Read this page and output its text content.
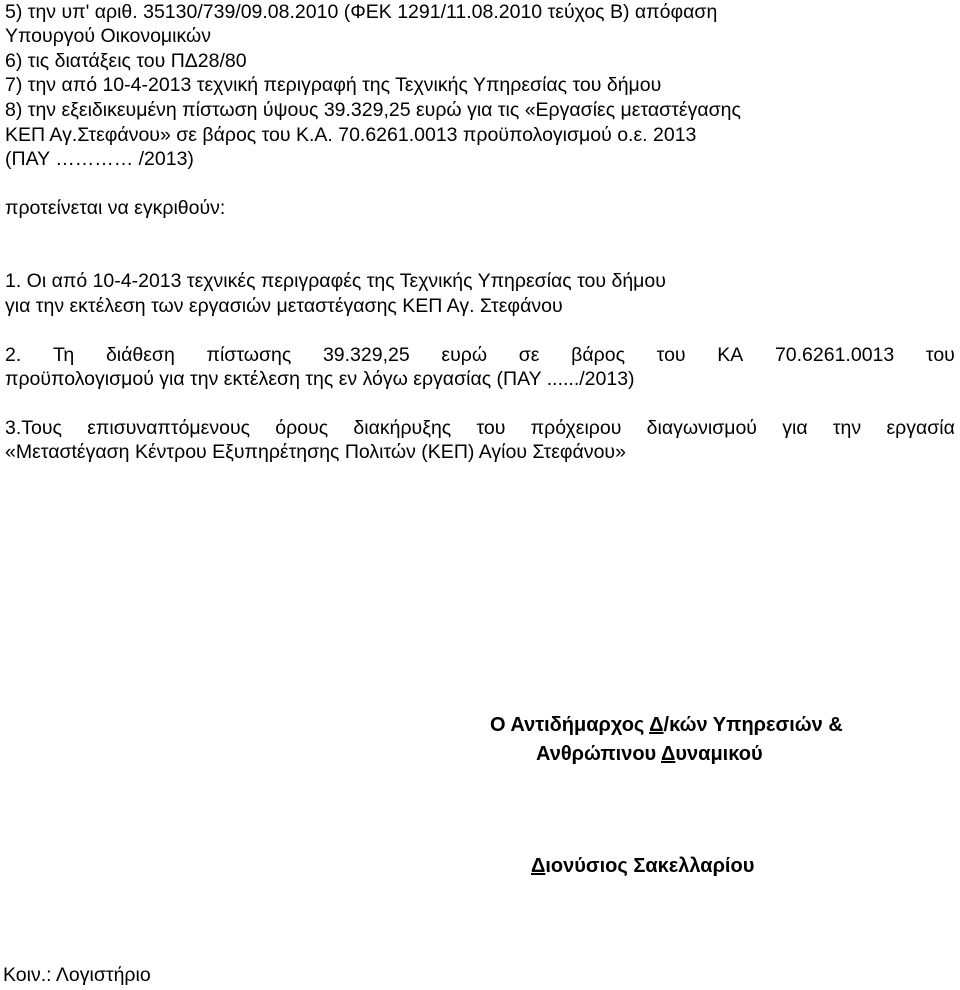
5) την υπ' αριθ. 35130/739/09.08.2010 (ΦΕΚ 1291/11.08.2010 τεύχος Β) απόφαση
Υπουργού Οικονομικών
6) τις διατάξεις του ΠΔ28/80
7) την από 10-4-2013 τεχνική περιγραφή της Τεχνικής Υπηρεσίας του δήμου
8) την εξειδικευμένη πίστωση ύψους 39.329,25 ευρώ για τις «Εργασίες μεταστέγασης
ΚΕΠ Αγ.Στεφάνου» σε βάρος του Κ.Α. 70.6261.0013 προϋπολογισμού ο.ε. 2013
(ΠΑΥ ………… /2013)
προτείνεται να εγκριθούν:
1. Οι από 10-4-2013 τεχνικές περιγραφές της Τεχνικής Υπηρεσίας του δήμου
για την εκτέλεση των εργασιών μεταστέγασης ΚΕΠ Αγ. Στεφάνου
2. Τη διάθεση πίστωσης 39.329,25 ευρώ σε βάρος του ΚΑ 70.6261.0013 του
προϋπολογισμού για την εκτέλεση της εν λόγω εργασίας (ΠΑΥ ....../2013)
3.Τους επισυναπτόμενους όρους διακήρυξης του πρόχειρου διαγωνισμού για την εργασία
«Μετασtέγαση Κέντρου Εξυπηρέτησης Πολιτών (ΚΕΠ) Αγίου Στεφάνου»
Ο Αντιδήμαρχος Δ/κών Υπηρεσιών &
Ανθρώπινου Δυναμικού
Διονύσιος Σακελλαρίου
Κοιν.: Λογιστήριο
